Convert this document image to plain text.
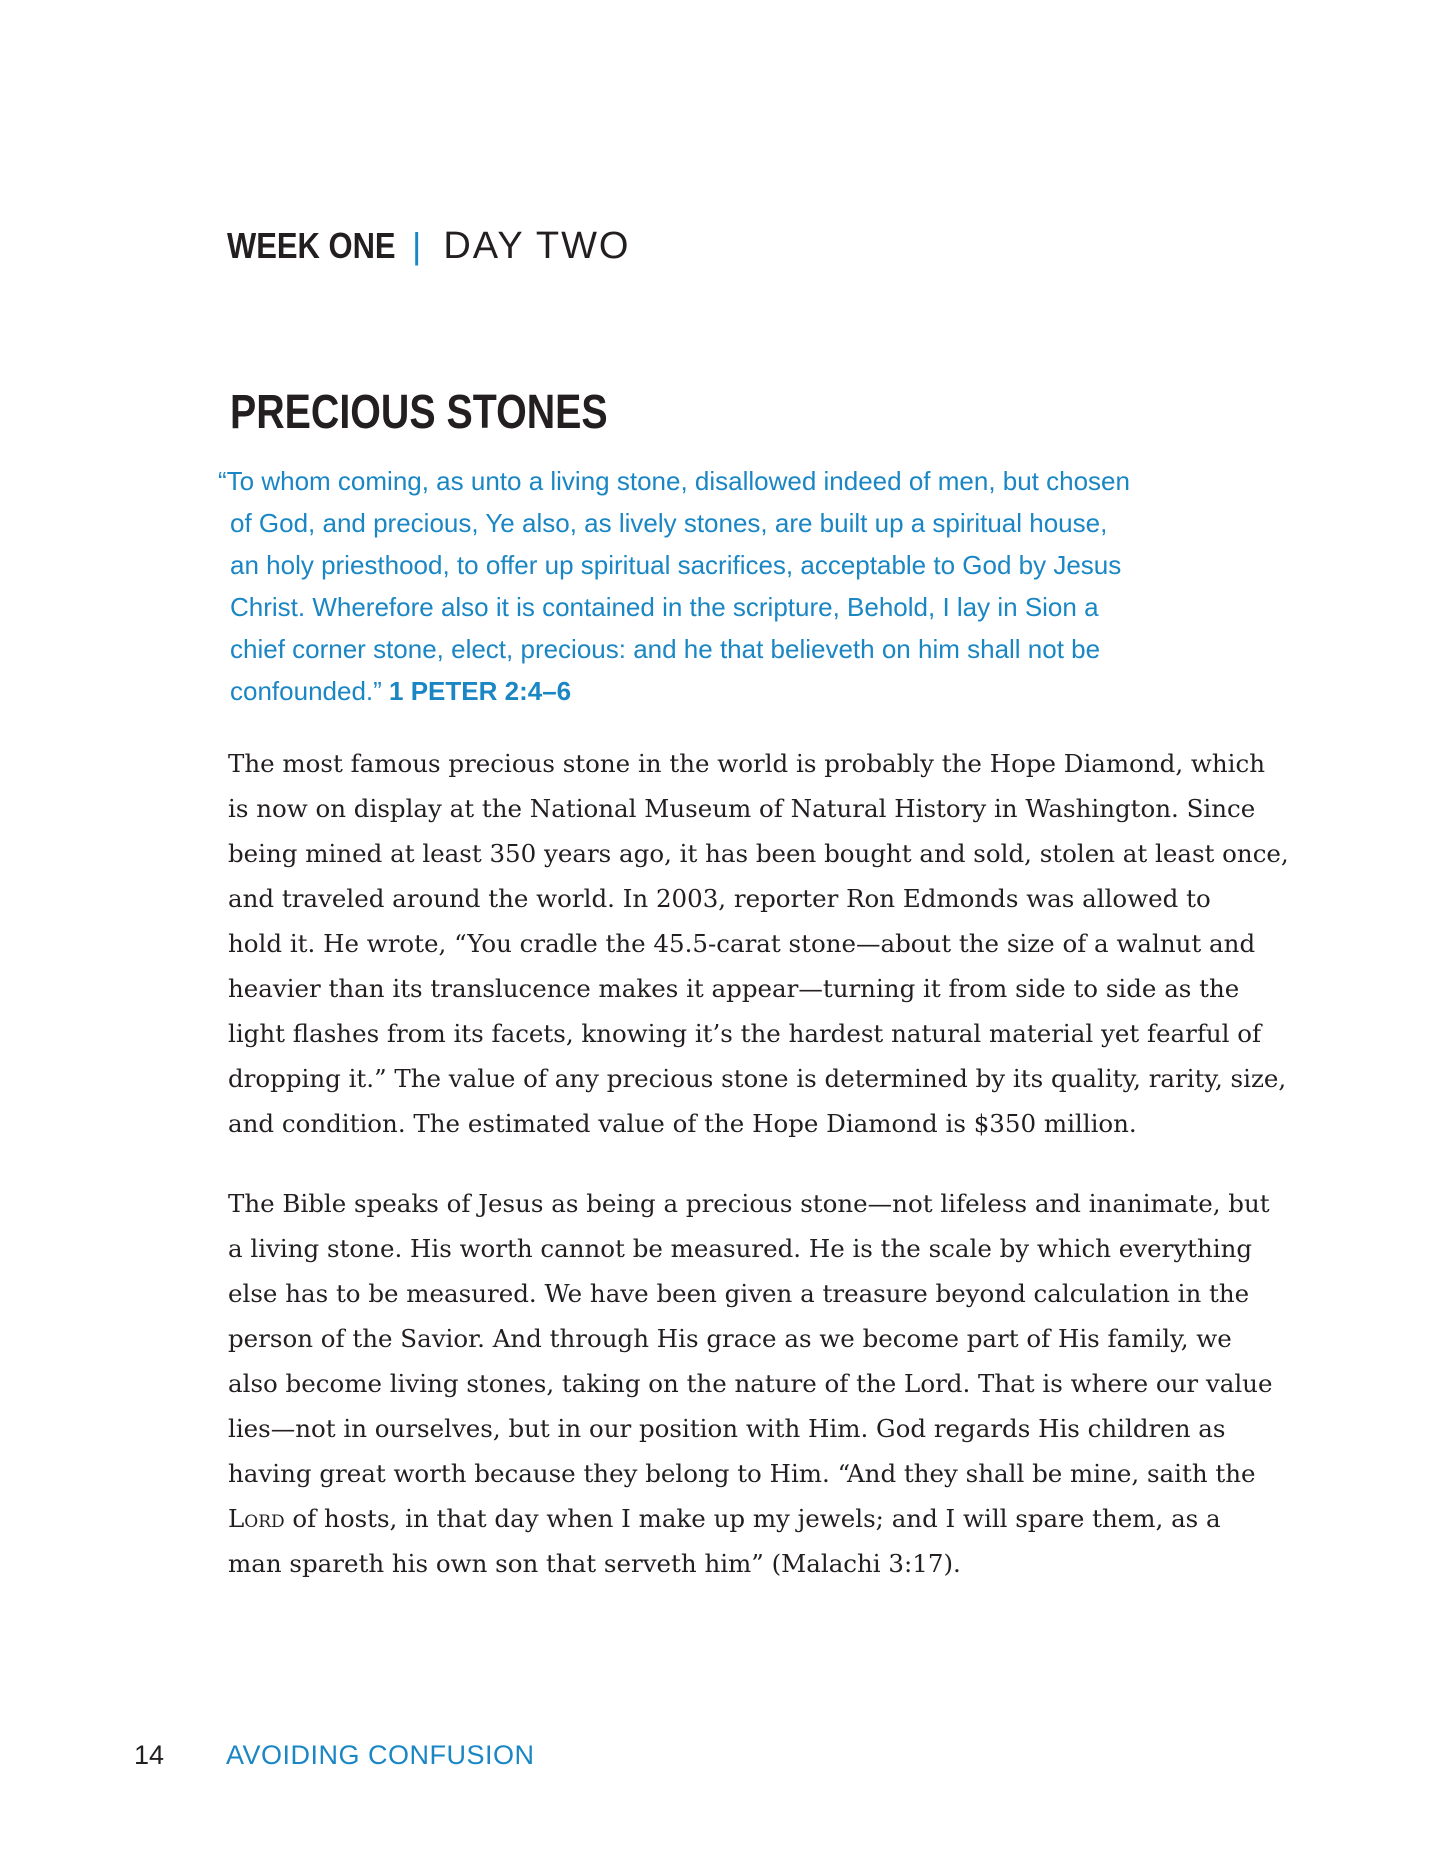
WEEK ONE | DAY TWO
PRECIOUS STONES
“To whom coming, as unto a living stone, disallowed indeed of men, but chosen
of God, and precious, Ye also, as lively stones, are built up a spiritual house,
an holy priesthood, to offer up spiritual sacrifices, acceptable to God by Jesus
Christ. Wherefore also it is contained in the scripture, Behold, I lay in Sion a
chief corner stone, elect, precious: and he that believeth on him shall not be
confounded.” 1 PETER 2:4–6
The most famous precious stone in the world is probably the Hope Diamond, which
is now on display at the National Museum of Natural History in Washington. Since
being mined at least 350 years ago, it has been bought and sold, stolen at least once,
and traveled around the world. In 2003, reporter Ron Edmonds was allowed to
hold it. He wrote, “You cradle the 45.5-carat stone—about the size of a walnut and
heavier than its translucence makes it appear—turning it from side to side as the
light flashes from its facets, knowing it’s the hardest natural material yet fearful of
dropping it.” The value of any precious stone is determined by its quality, rarity, size,
and condition. The estimated value of the Hope Diamond is $350 million.
The Bible speaks of Jesus as being a precious stone—not lifeless and inanimate, but
a living stone. His worth cannot be measured. He is the scale by which everything
else has to be measured. We have been given a treasure beyond calculation in the
person of the Savior. And through His grace as we become part of His family, we
also become living stones, taking on the nature of the Lord. That is where our value
lies—not in ourselves, but in our position with Him. God regards His children as
having great worth because they belong to Him. “And they shall be mine, saith the
Lord of hosts, in that day when I make up my jewels; and I will spare them, as a
man spareth his own son that serveth him” (Malachi 3:17).
14 AVOIDING CONFUSION
